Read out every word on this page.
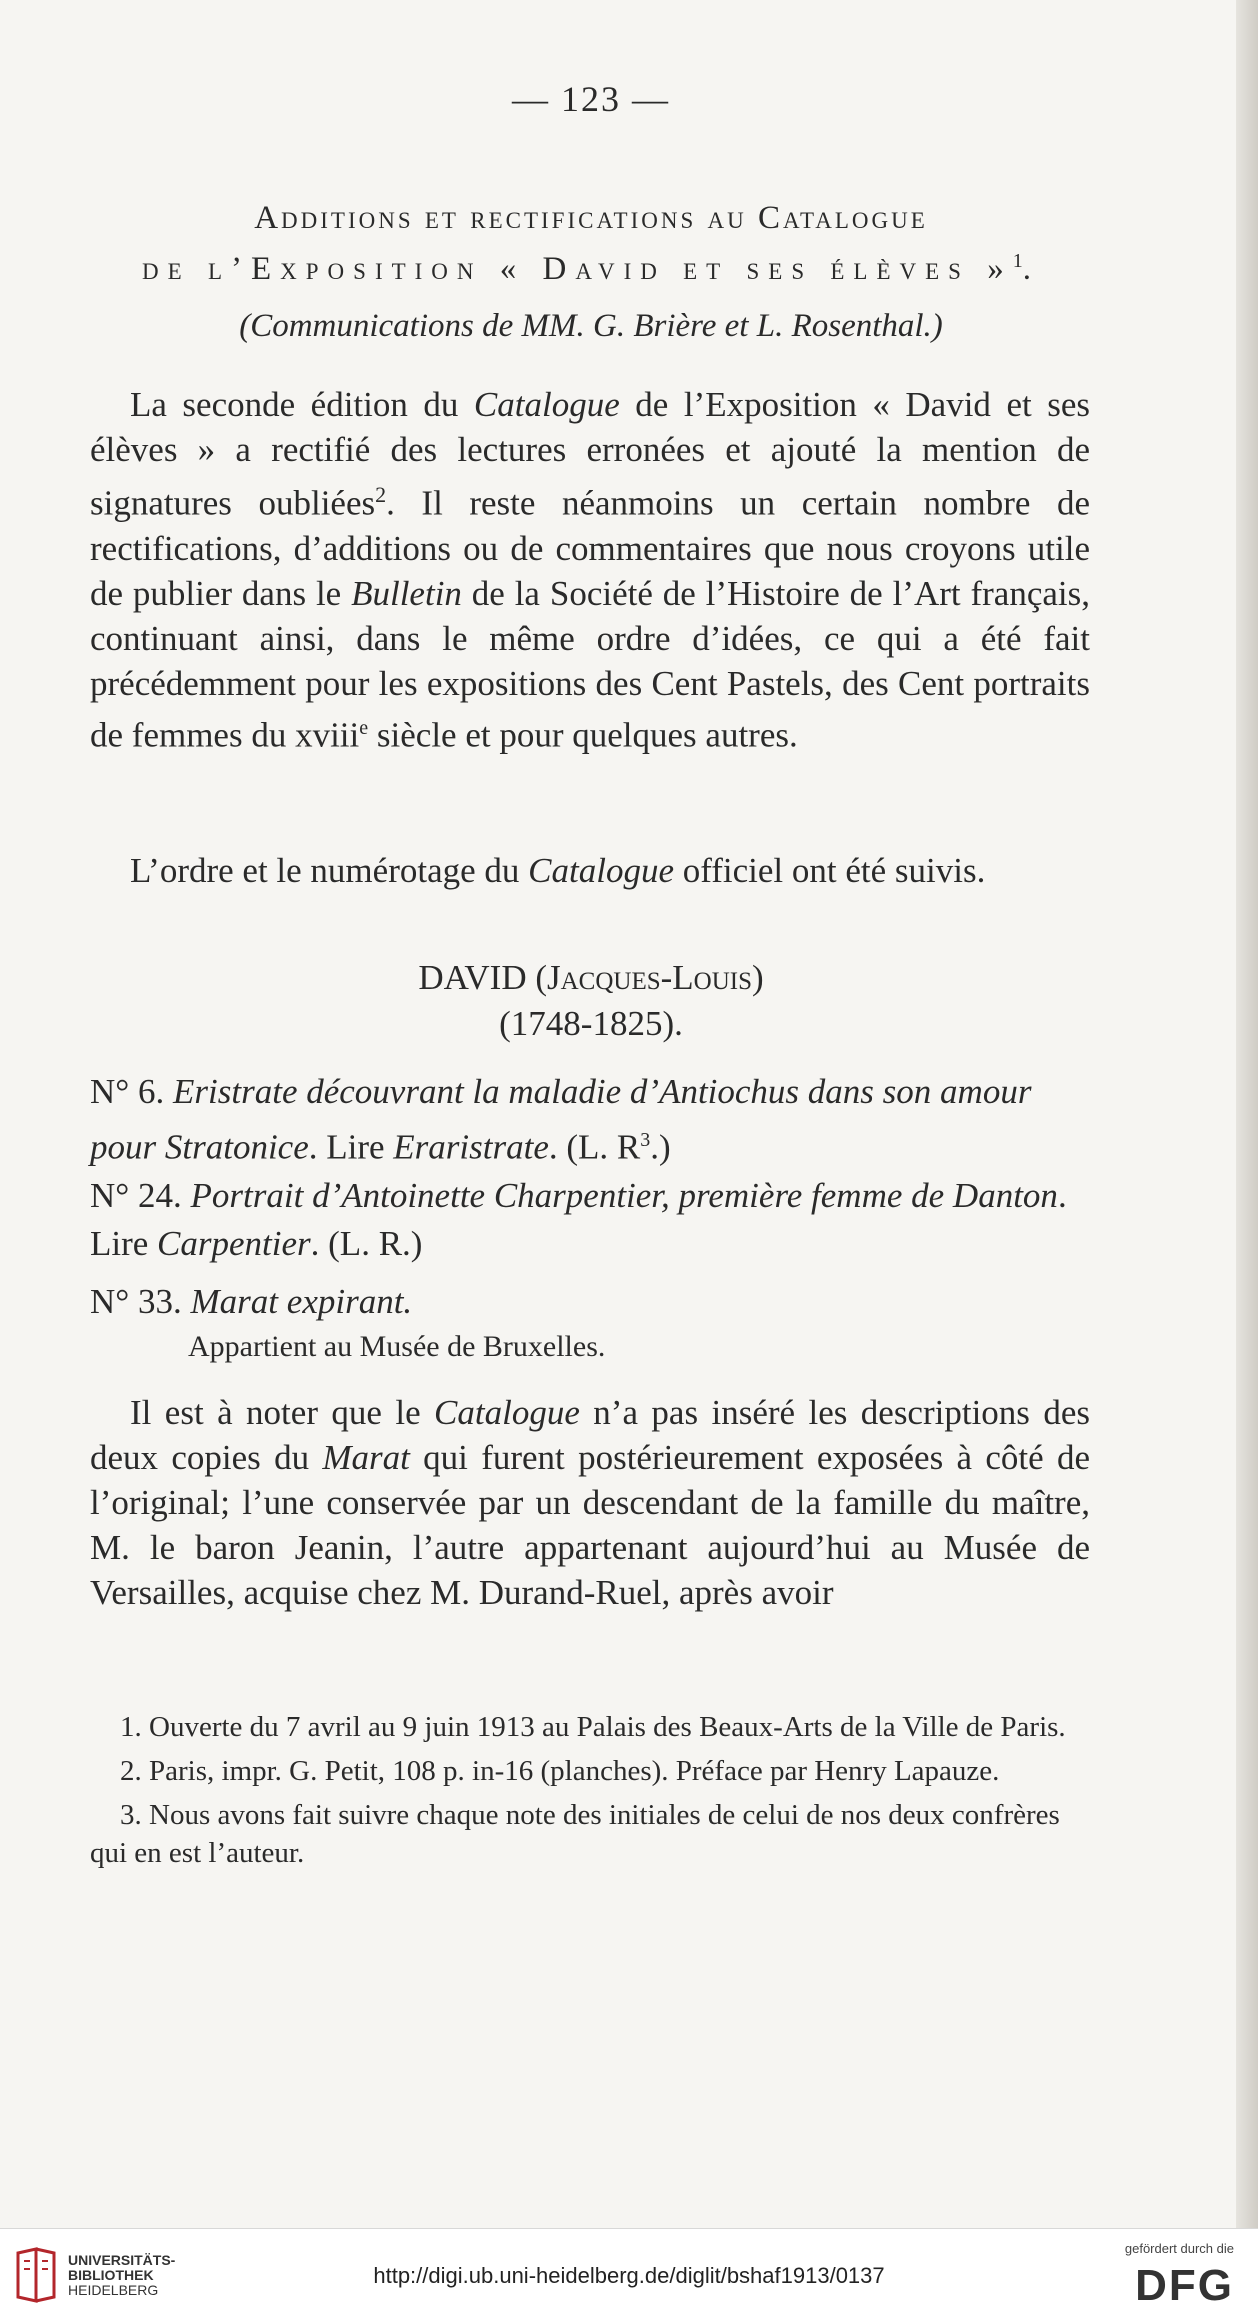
— 123 —
Additions et rectifications au Catalogue
de l’Exposition « David et ses élèves »$^1$.
(Communications de MM. G. Brière et L. Rosenthal.)

La seconde édition du Catalogue de l’Exposition « David et ses élèves » a rectifié des lectures erronées et ajouté la mention de signatures oubliées$^2$. Il reste néanmoins un certain nombre de rectifications, d’additions ou de commentaires que nous croyons utile de publier dans le Bulletin de la Société de l’Histoire de l’Art français, continuant ainsi, dans le même ordre d’idées, ce qui a été fait précédemment pour les expositions des Cent Pastels, des Cent portraits de femmes du xviii$^e$ siècle et pour quelques autres.

L’ordre et le numérotage du Catalogue officiel ont été suivis.

DAVID (Jacques-Louis)
(1748-1825).
N° 6. Eristrate découvrant la maladie d’Antiochus dans son amour pour Stratonice. Lire Eraristrate. (L. $R^3$.)
N° 24. Portrait d’Antoinette Charpentier, première femme de Danton. Lire Carpentier. (L. R.)
N° 33. Marat expirant.
Appartient au Musée de Bruxelles.

Il est à noter que le Catalogue n’a pas inséré les descriptions des deux copies du Marat qui furent postérieurement exposées à côté de l’original; l’une conservée par un descendant de la famille du maître, M. le baron Jeanin, l’autre appartenant aujourd’hui au Musée de Versailles, acquise chez M. Durand-Ruel, après avoir

1. Ouverte du 7 avril au 9 juin 1913 au Palais des Beaux-Arts de la Ville de Paris.

2. Paris, impr. G. Petit, 108 p. in-16 (planches). Préface par Henry Lapauze.

3. Nous avons fait suivre chaque note des initiales de celui de nos deux confrères qui en est l’auteur.

UNIVERSITÄTS-
BIBLIOTHEK
HEIDELBERG
http://digi.ub.uni-heidelberg.de/diglit/bshaf1913/0137
gefördert durch die
DFG
